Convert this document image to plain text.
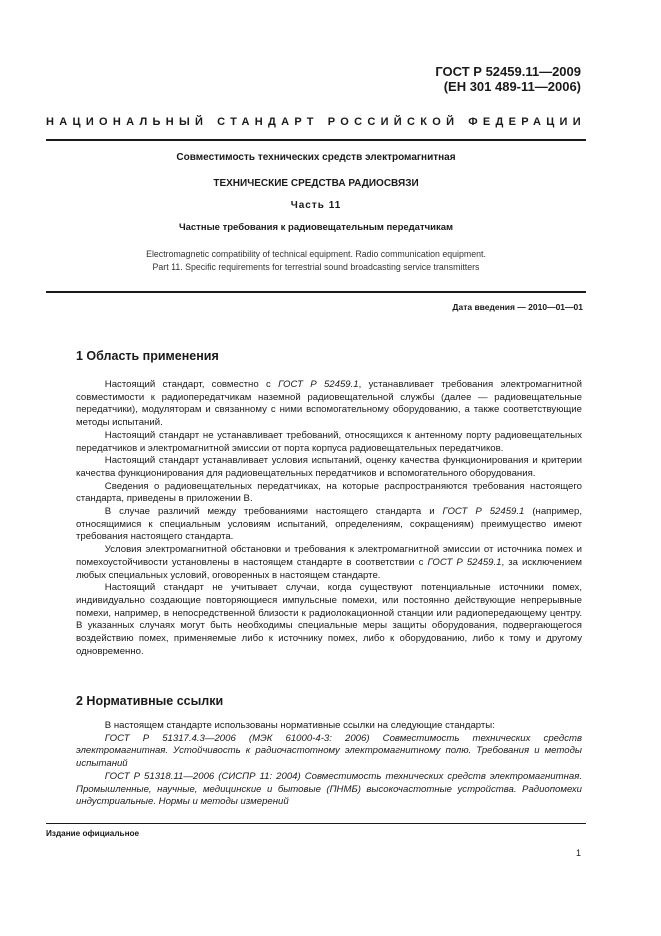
ГОСТ Р 52459.11—2009
(ЕН 301 489-11—2006)
НАЦИОНАЛЬНЫЙ СТАНДАРТ РОССИЙСКОЙ ФЕДЕРАЦИИ
Совместимость технических средств электромагнитная
ТЕХНИЧЕСКИЕ СРЕДСТВА РАДИОСВЯЗИ
Часть 11
Частные требования к радиовещательным передатчикам
Electromagnetic compatibility of technical equipment. Radio communication equipment.
Part 11. Specific requirements for terrestrial sound broadcasting service transmitters
Дата введения — 2010—01—01
1 Область применения

   Настоящий стандарт, совместно с ГОСТ Р 52459.1, устанавливает требования электромагнитной совместимости к радиопередатчикам наземной радиовещательной службы (далее — радиовещательные передатчики), модуляторам и связанному с ними вспомогательному оборудованию, а также соответствующие методы испытаний.

   Настоящий стандарт не устанавливает требований, относящихся к антенному порту радиовещательных передатчиков и электромагнитной эмиссии от порта корпуса радиовещательных передатчиков.

   Настоящий стандарт устанавливает условия испытаний, оценку качества функционирования и критерии качества функционирования для радиовещательных передатчиков и вспомогательного оборудования.

   Сведения о радиовещательных передатчиках, на которые распространяются требования настоящего стандарта, приведены в приложении В.

   В случае различий между требованиями настоящего стандарта и ГОСТ Р 52459.1 (например, относящимися к специальным условиям испытаний, определениям, сокращениям) преимущество имеют требования настоящего стандарта.

   Условия электромагнитной обстановки и требования к электромагнитной эмиссии от источника помех и помехоустойчивости установлены в настоящем стандарте в соответствии с ГОСТ Р 52459.1, за исключением любых специальных условий, оговоренных в настоящем стандарте.

   Настоящий стандарт не учитывает случаи, когда существуют потенциальные источники помех, индивидуально создающие повторяющиеся импульсные помехи, или постоянно действующие непрерывные помехи, например, в непосредственной близости к радиолокационной станции или радиопередающему центру. В указанных случаях могут быть необходимы специальные меры защиты оборудования, подвергающегося воздействию помех, применяемые либо к источнику помех, либо к оборудованию, либо к тому и другому одновременно.

2 Нормативные ссылки

   В настоящем стандарте использованы нормативные ссылки на следующие стандарты:

   ГОСТ Р 51317.4.3—2006 (МЭК 61000-4-3: 2006) Совместимость технических средств электромагнитная. Устойчивость к радиочастотному электромагнитному полю. Требования и методы испытаний

   ГОСТ Р 51318.11—2006 (СИСПР 11: 2004) Совместимость технических средств электромагнитная. Промышленные, научные, медицинские и бытовые (ПНМБ) высокочастотные устройства. Радиопомехи индустриальные. Нормы и методы измерений

Издание официальное
1
